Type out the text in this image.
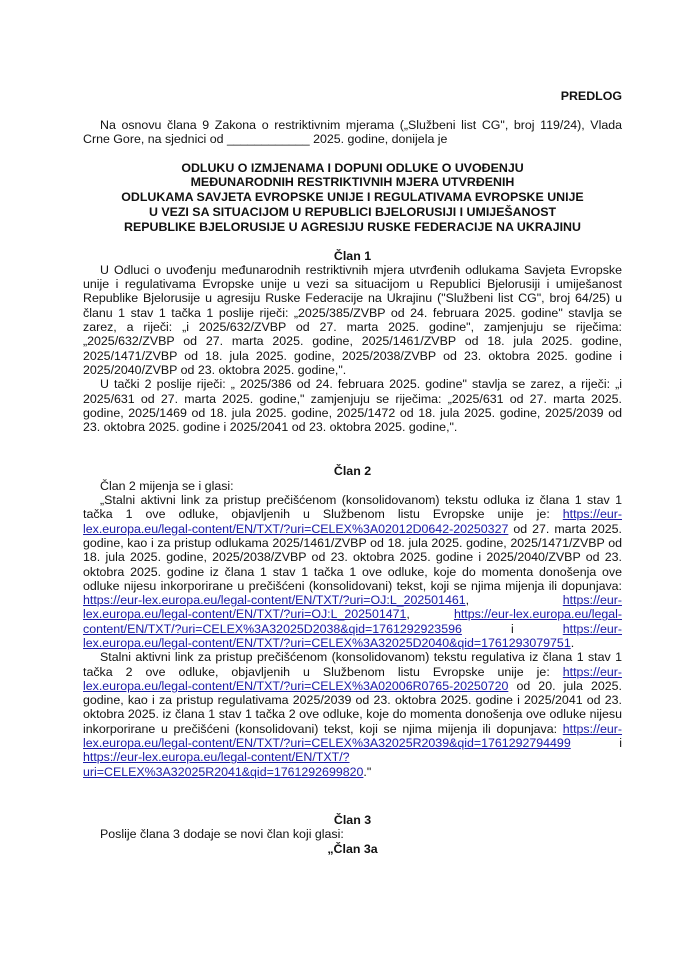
PREDLOG

Na osnovu člana 9 Zakona o restriktivnim mjerama („Službeni list CG", broj 119/24), Vlada Crne Gore, na sjednici od ____________ 2025. godine, donijela je

ODLUKU O IZMJENAMA I DOPUNI ODLUKE O UVOĐENJU
MEĐUNARODNIH RESTRIKTIVNIH MJERA UTVRĐENIH
ODLUKAMA SAVJETA EVROPSKE UNIJE I REGULATIVAMA EVROPSKE UNIJE
U VEZI SA SITUACIJOM U REPUBLICI BJELORUSIJI I UMIJEŠANOST
REPUBLIKE BJELORUSIJE U AGRESIJU RUSKE FEDERACIJE NA UKRAJINU
Član 1

U Odluci o uvođenju međunarodnih restriktivnih mjera utvrđenih odlukama Savjeta Evropske unije i regulativama Evropske unije u vezi sa situacijom u Republici Bjelorusiji i umiješanost Republike Bjelorusije u agresiju Ruske Federacije na Ukrajinu ("Službeni list CG", broj 64/25) u članu 1 stav 1 tačka 1 poslije riječi: „2025/385/ZVBP od 24. februara 2025. godine" stavlja se zarez, a riječi: „i 2025/632/ZVBP od 27. marta 2025. godine", zamjenjuju se riječima: „2025/632/ZVBP od 27. marta 2025. godine, 2025/1461/ZVBP od 18. jula 2025. godine, 2025/1471/ZVBP od 18. jula 2025. godine, 2025/2038/ZVBP od 23. oktobra 2025. godine i 2025/2040/ZVBP od 23. oktobra 2025. godine,".

U tački 2 poslije riječi: „ 2025/386 od 24. februara 2025. godine" stavlja se zarez, a riječi: „i 2025/631 od 27. marta 2025. godine," zamjenjuju se riječima: „2025/631 od 27. marta 2025. godine, 2025/1469 od 18. jula 2025. godine, 2025/1472 od 18. jula 2025. godine, 2025/2039 od 23. oktobra 2025. godine i 2025/2041 od 23. oktobra 2025. godine,".

Član 2

Član 2 mijenja se i glasi:

„Stalni aktivni link za pristup prečišćenom (konsolidovanom) tekstu odluka iz člana 1 stav 1 tačka 1 ove odluke, objavljenih u Službenom listu Evropske unije je: https://eur-lex.europa.eu/legal-content/EN/TXT/?uri=CELEX%3A02012D0642-20250327 od 27. marta 2025. godine, kao i za pristup odlukama 2025/1461/ZVBP od 18. jula 2025. godine, 2025/1471/ZVBP od 18. jula 2025. godine, 2025/2038/ZVBP od 23. oktobra 2025. godine i 2025/2040/ZVBP od 23. oktobra 2025. godine iz člana 1 stav 1 tačka 1 ove odluke, koje do momenta donošenja ove odluke nijesu inkorporirane u prečišćeni (konsolidovani) tekst, koji se njima mijenja ili dopunjava: https://eur-lex.europa.eu/legal-content/EN/TXT/?uri=OJ:L_202501461, https://eur-lex.europa.eu/legal-content/EN/TXT/?uri=OJ:L_202501471, https://eur-lex.europa.eu/legal-content/EN/TXT/?uri=CELEX%3A32025D2038&qid=1761292923596 i https://eur-lex.europa.eu/legal-content/EN/TXT/?uri=CELEX%3A32025D2040&qid=1761293079751.

Stalni aktivni link za pristup prečišćenom (konsolidovanom) tekstu regulativa iz člana 1 stav 1 tačka 2 ove odluke, objavljenih u Službenom listu Evropske unije je: https://eur-lex.europa.eu/legal-content/EN/TXT/?uri=CELEX%3A02006R0765-20250720 od 20. jula 2025. godine, kao i za pristup regulativama 2025/2039 od 23. oktobra 2025. godine i 2025/2041 od 23. oktobra 2025. iz člana 1 stav 1 tačka 2 ove odluke, koje do momenta donošenja ove odluke nijesu inkorporirane u prečišćeni (konsolidovani) tekst, koji se njima mijenja ili dopunjava: https://eur-lex.europa.eu/legal-content/EN/TXT/?uri=CELEX%3A32025R2039&qid=1761292794499 i https://eur-lex.europa.eu/legal-content/EN/TXT/?uri=CELEX%3A32025R2041&qid=1761292699820."

Član 3

Poslije člana 3 dodaje se novi član koji glasi:

„Član 3a
